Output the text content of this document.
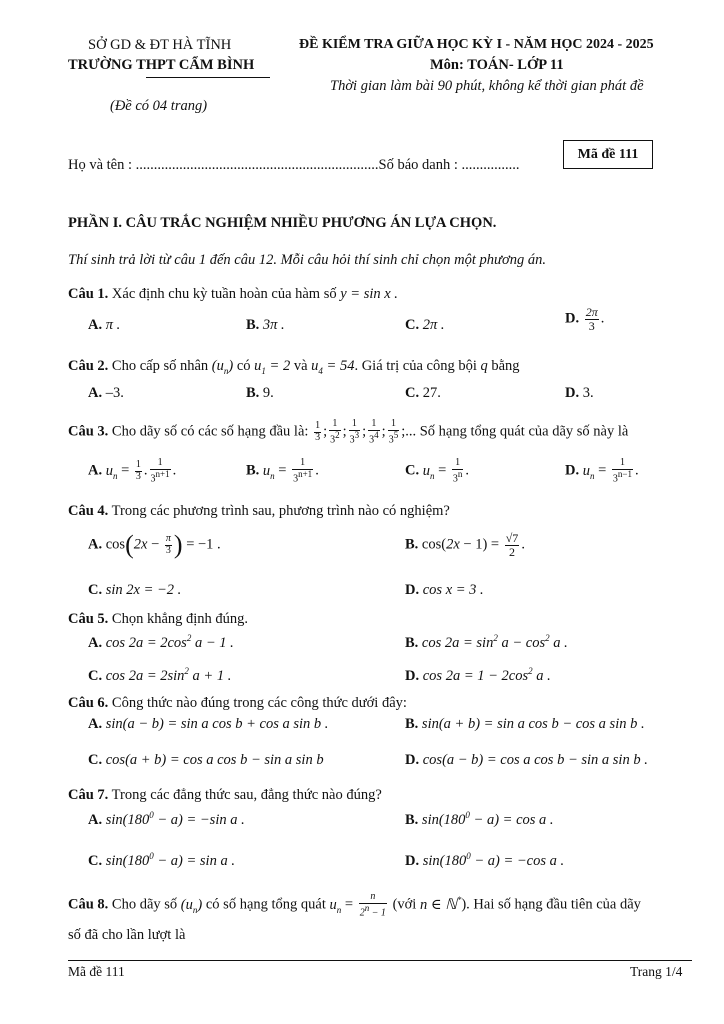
SỞ GD & ĐT HÀ TĨNH
TRƯỜNG THPT CẨM BÌNH
(Đề có 04 trang)
ĐỀ KIỂM TRA GIỮA HỌC KỲ I - NĂM HỌC 2024 - 2025
Môn: TOÁN- LỚP 11
Thời gian làm bài 90 phút, không kể thời gian phát đề
Mã đề 111
Họ và tên : ...................................................................Số báo danh : ................
PHẦN I. CÂU TRẮC NGHIỆM NHIỀU PHƯƠNG ÁN LỰA CHỌN.
Thí sinh trả lời từ câu 1 đến câu 12. Mỗi câu hỏi thí sinh chỉ chọn một phương án.
Câu 1. Xác định chu kỳ tuần hoàn của hàm số y = sin x .
A. π .	B. 3π .	C. 2π .	D. $\frac{2\pi}{3}$ .
Câu 2. Cho cấp số nhân $(u_n)$ có $u_1 = 2$ và $u_4 = 54$. Giá trị của công bội q bằng
A. –3.	B. 9.	C. 27.	D. 3.
Câu 3. Cho dãy số có các số hạng đầu là: $\frac{1}{3}$ ; $\frac{1}{3^2}$ ; $\frac{1}{3^3}$ ; $\frac{1}{3^4}$ ; $\frac{1}{3^5}$ ;... Số hạng tổng quát của dãy số này là
A. $u_n = \frac{1}{3}$ . $\frac{1}{3^{n+1}}$ .	B. $u_n = \frac{1}{3^{n+1}}$ .	C. $u_n = \frac{1}{3^n}$ .	D. $u_n = \frac{1}{3^{n-1}}$ .
Câu 4. Trong các phương trình sau, phương trình nào có nghiệm?
A. $\cos(2x - \frac{\pi}{3}$ ) = −1 .	B. $\cos(2x - 1) = \frac{√7}{2}$ .
C. sin 2x = −2 .	D. cos x = 3 .
Câu 5. Chọn khẳng định đúng.
A. $\cos 2a = 2\cos^2$ a − 1 .	B. $\cos 2a = \sin^2 a - \cos^2 a$ .
C. $\cos 2a = 2\sin^2$ a + 1 .	D. $\cos 2a = 1 - 2\cos^2$ a .
Câu 6. Công thức nào đúng trong các công thức dưới đây:
A. sin(a − b) = sin a cos b + cos a sin b .	B. sin(a + b) = sin a cos b − cos a sin b .
C. cos(a + b) = cos a cos b − sin a sin b	D. cos(a − b) = cos a cos b − sin a sin b .
Câu 7. Trong các đẳng thức sau, đẳng thức nào đúng?
A. $\sin(180^0 - a) = -\sin$ a .	B. $\sin(180^0 - a) = \cos a$ .
C. $\sin(180^0 - a) = \sin a$ .	D. $\sin(180^0 - a) = -\cos$ a .
Câu 8. Cho dãy số $(u_n)$ có số hạng tổng quát $u_n = \frac{n}{2^n - 1}$ (với n ∈ ℕ*). Hai số hạng đầu tiên của dãy
số đã cho lần lượt là
Mã đề 111	Trang 1/4
